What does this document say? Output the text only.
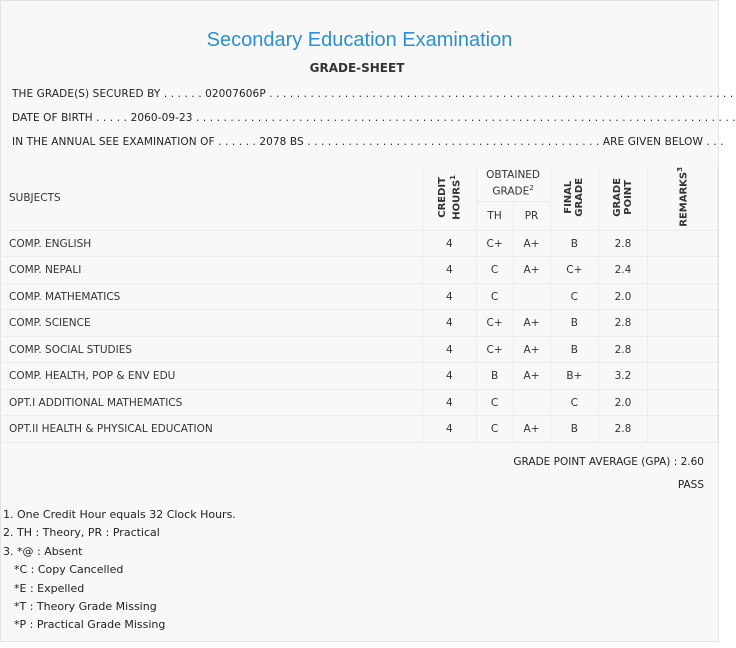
Secondary Education Examination
GRADE-SHEET
THE GRADE(S) SECURED BY . . . . . . 02007606P . . . . . . . . . . . . . . . . . . . . . . . . . . . . . . . . . . . . . . . . . . . . . . . . . . . . . . . . . . . . . . . . . . . .
DATE OF BIRTH . . . . . 2060-09-23 . . . . . . . . . . . . . . . . . . . . . . . . . . . . . . . . . . . . . . . . . . . . . . . . . . . . . . . . . . . . . . . . . . . . . . . . . . . . . . .
IN THE ANNUAL SEE EXAMINATION OF . . . . . . 2078 BS . . . . . . . . . . . . . . . . . . . . . . . . . . . . . . . . . . . . . . . . . . . ARE GIVEN BELOW . . .
SUBJECTS	CREDIT HOURS$^1$	OBTAINED GRADE$^2$		FINAL GRADE	GRADE POINT	REMARKS$^3$
		TH	PR			
COMP. ENGLISH	4	C+	A+	B	2.8	
COMP. NEPALI	4	C	A+	C+	2.4	
COMP. MATHEMATICS	4	C		C	2.0	
COMP. SCIENCE	4	C+	A+	B	2.8	
COMP. SOCIAL STUDIES	4	C+	A+	B	2.8	
COMP. HEALTH, POP & ENV EDU	4	B	A+	B+	3.2	
OPT.I ADDITIONAL MATHEMATICS	4	C		C	2.0	
OPT.II HEALTH & PHYSICAL EDUCATION	4	C	A+	B	2.8	
GRADE POINT AVERAGE (GPA) : 2.60
PASS
1. One Credit Hour equals 32 Clock Hours.
2. TH : Theory, PR : Practical
3. *@ : Absent
*C : Copy Cancelled
*E : Expelled
*T : Theory Grade Missing
*P : Practical Grade Missing
